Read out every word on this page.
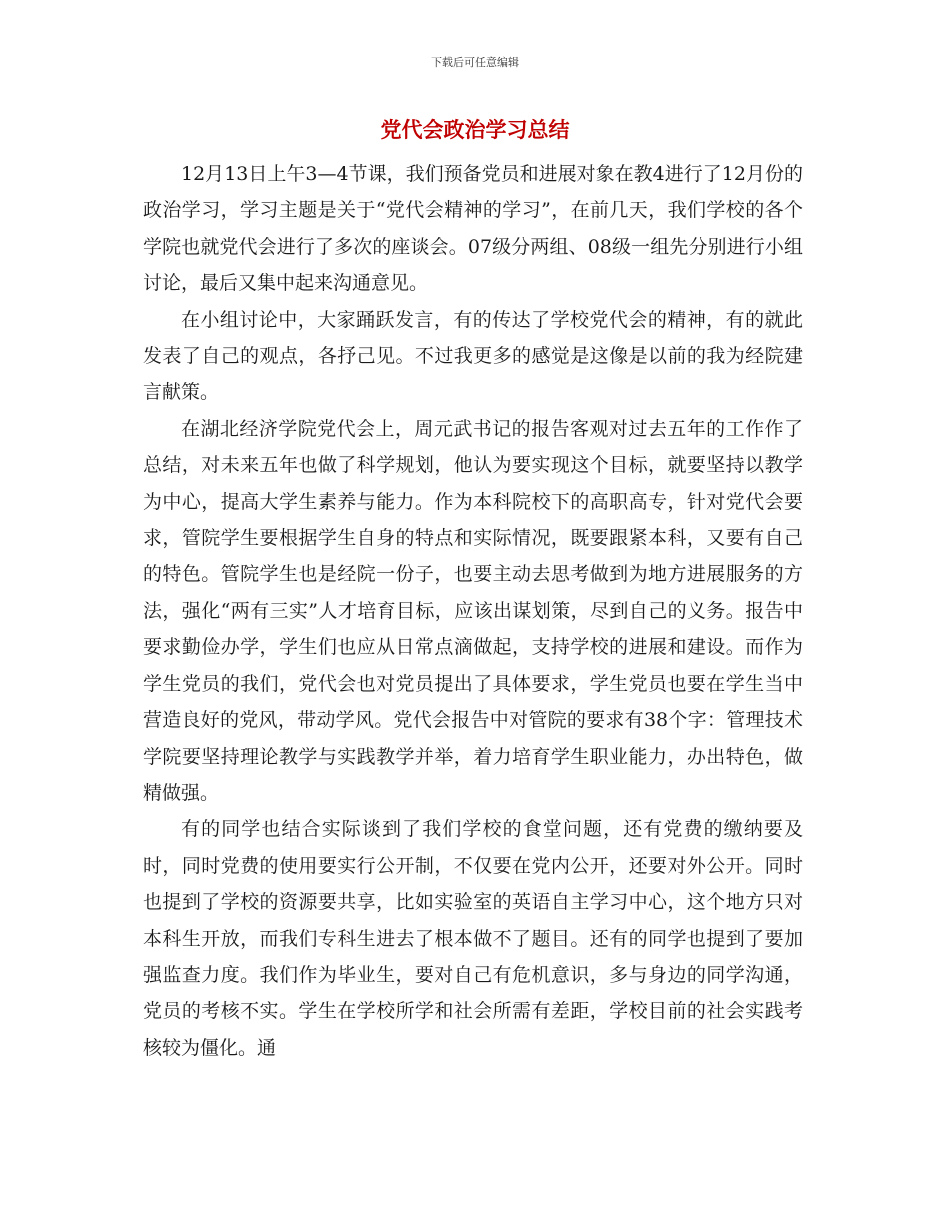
下载后可任意编辑
党代会政治学习总结

12月13日上午3—4节课，我们预备党员和进展对象在教4进行了12月份的政治学习，学习主题是关于“党代会精神的学习”，在前几天，我们学校的各个学院也就党代会进行了多次的座谈会。07级分两组、08级一组先分别进行小组讨论，最后又集中起来沟通意见。

在小组讨论中，大家踊跃发言，有的传达了学校党代会的精神，有的就此发表了自己的观点，各抒己见。不过我更多的感觉是这像是以前的我为经院建言献策。

在湖北经济学院党代会上，周元武书记的报告客观对过去五年的工作作了总结，对未来五年也做了科学规划，他认为要实现这个目标，就要坚持以教学为中心，提高大学生素养与能力。作为本科院校下的高职高专，针对党代会要求，管院学生要根据学生自身的特点和实际情况，既要跟紧本科，又要有自己的特色。管院学生也是经院一份子，也要主动去思考做到为地方进展服务的方法，强化“两有三实”人才培育目标，应该出谋划策，尽到自己的义务。报告中要求勤俭办学，学生们也应从日常点滴做起，支持学校的进展和建设。而作为学生党员的我们，党代会也对党员提出了具体要求，学生党员也要在学生当中营造良好的党风，带动学风。党代会报告中对管院的要求有38个字：管理技术学院要坚持理论教学与实践教学并举，着力培育学生职业能力，办出特色，做精做强。

有的同学也结合实际谈到了我们学校的食堂问题，还有党费的缴纳要及时，同时党费的使用要实行公开制，不仅要在党内公开，还要对外公开。同时也提到了学校的资源要共享，比如实验室的英语自主学习中心，这个地方只对本科生开放，而我们专科生进去了根本做不了题目。还有的同学也提到了要加强监查力度。我们作为毕业生，要对自己有危机意识，多与身边的同学沟通，党员的考核不实。学生在学校所学和社会所需有差距，学校目前的社会实践考核较为僵化。通
